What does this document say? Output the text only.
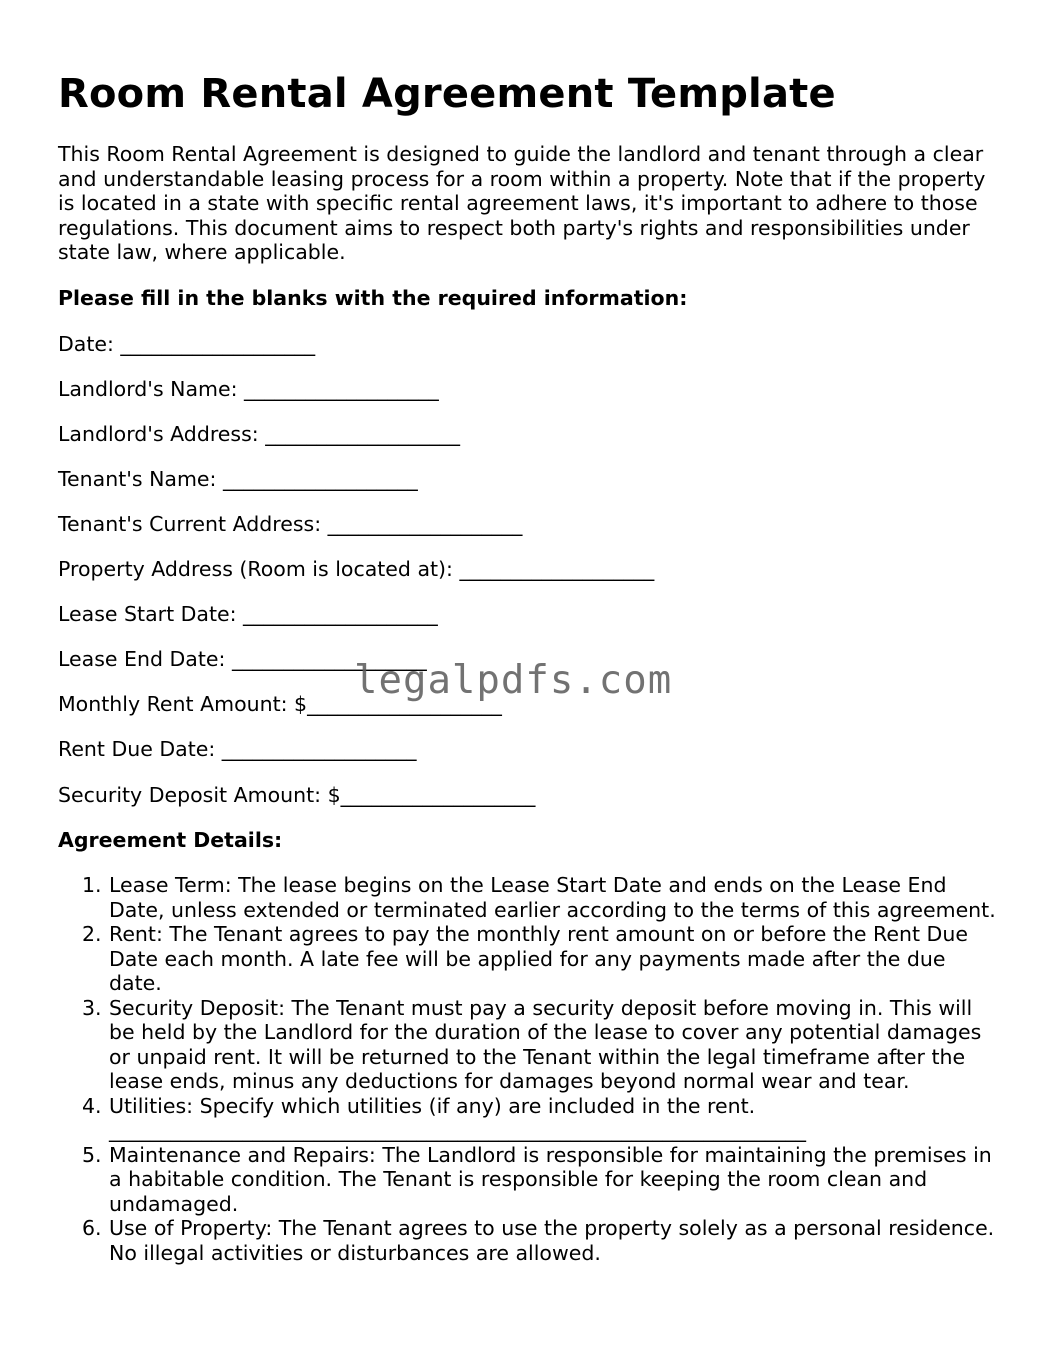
Room Rental Agreement Template

This Room Rental Agreement is designed to guide the landlord and tenant through a clear and understandable leasing process for a room within a property. Note that if the property is located in a state with specific rental agreement laws, it's important to adhere to those regulations. This document aims to respect both party's rights and responsibilities under state law, where applicable.

Please fill in the blanks with the required information:

Date: ___________________

Landlord's Name: ___________________

Landlord's Address: ___________________

Tenant's Name: ___________________

Tenant's Current Address: ___________________

Property Address (Room is located at): ___________________

Lease Start Date: ___________________

Lease End Date: ___________________

Monthly Rent Amount: $___________________

Rent Due Date: ___________________

Security Deposit Amount: $___________________

Agreement Details:

1. Lease Term: The lease begins on the Lease Start Date and ends on the Lease End Date, unless extended or terminated earlier according to the terms of this agreement.
2. Rent: The Tenant agrees to pay the monthly rent amount on or before the Rent Due Date each month. A late fee will be applied for any payments made after the due date.
3. Security Deposit: The Tenant must pay a security deposit before moving in. This will be held by the Landlord for the duration of the lease to cover any potential damages or unpaid rent. It will be returned to the Tenant within the legal timeframe after the lease ends, minus any deductions for damages beyond normal wear and tear.
4. Utilities: Specify which utilities (if any) are included in the rent. ____________________________________________________________________
5. Maintenance and Repairs: The Landlord is responsible for maintaining the premises in a habitable condition. The Tenant is responsible for keeping the room clean and undamaged.
6. Use of Property: The Tenant agrees to use the property solely as a personal residence. No illegal activities or disturbances are allowed.
legalpdfs.com
